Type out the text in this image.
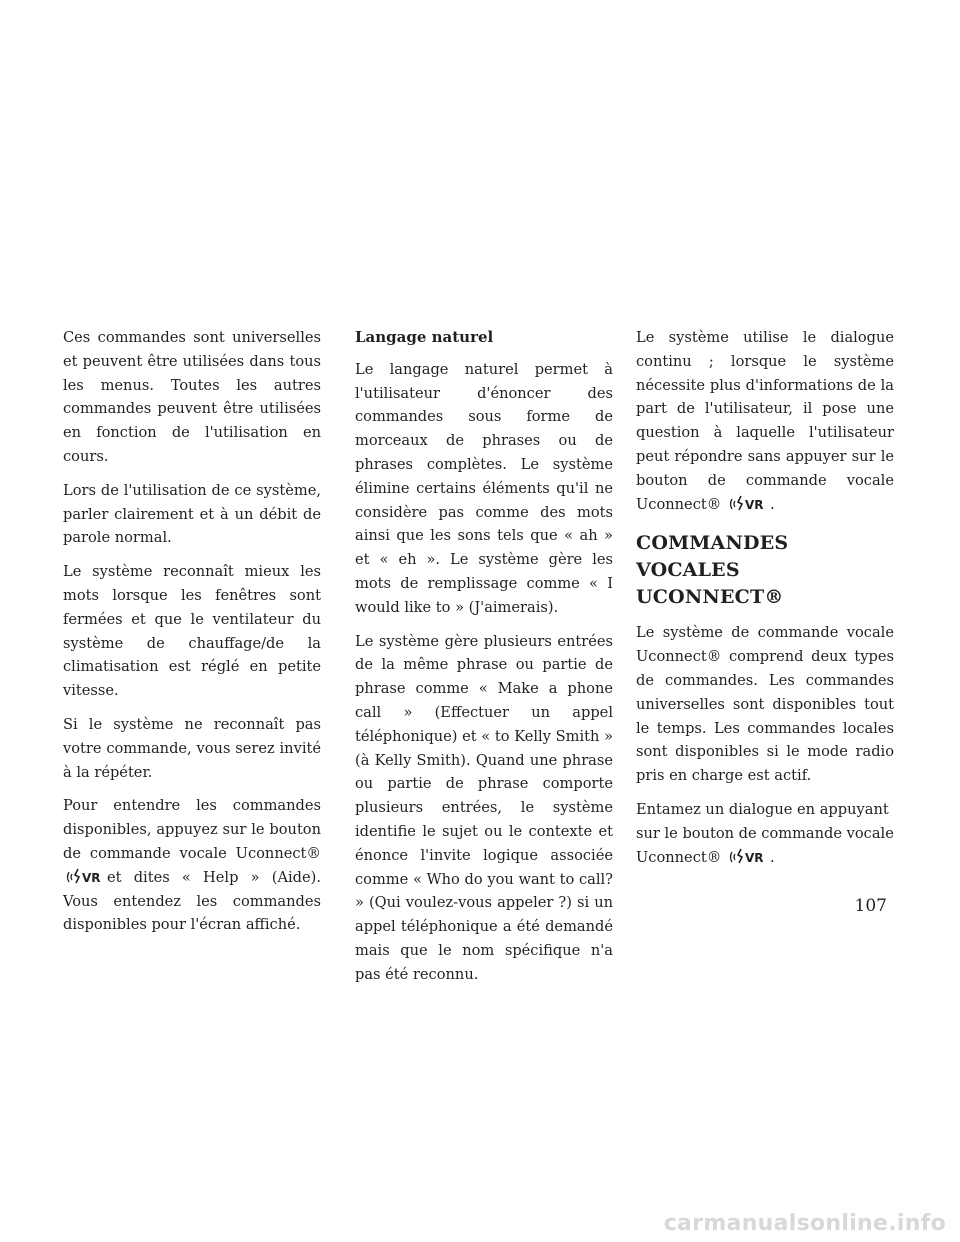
Ces commandes sont universelles et peuvent être utilisées dans tous les menus. Toutes les autres commandes peuvent être utilisées en fonction de l'utilisation en cours.

Lors de l'utilisation de ce système, parler clairement et à un débit de parole normal.

Le système reconnaît mieux les mots lorsque les fenêtres sont fermées et que le ventilateur du système de chauffage/de la climatisation est réglé en petite vitesse.

Si le système ne reconnaît pas votre commande, vous serez invité à la répéter.

Pour entendre les commandes disponibles, appuyez sur le bouton de commande vocale Uconnect®
VR et dites « Help » (Aide). Vous entendez les commandes disponibles pour l'écran affiché.

Langage naturel

Le langage naturel permet à l'utilisateur d'énoncer des commandes sous forme de morceaux de phrases ou de phrases complètes. Le système élimine certains éléments qu'il ne considère pas comme des mots ainsi que les sons tels que « ah » et « eh ». Le système gère les mots de remplissage comme « I would like to » (J'aimerais).

Le système gère plusieurs entrées de la même phrase ou partie de phrase comme « Make a phone call » (Effectuer un appel téléphonique) et « to Kelly Smith » (à Kelly Smith). Quand une phrase ou partie de phrase comporte plusieurs entrées, le système identifie le sujet ou le contexte et énonce l'invite logique associée comme « Who do you want to call? » (Qui voulez-vous appeler ?) si un appel téléphonique a été demandé mais que le nom spécifique n'a pas été reconnu.

Le système utilise le dialogue continu ; lorsque le système nécessite plus d'informations de la part de l'utilisateur, il pose une question à laquelle l'utilisateur peut répondre sans appuyer sur le bouton de commande vocale Uconnect® VR .

COMMANDES VOCALES UCONNECT®

Le système de commande vocale Uconnect® comprend deux types de commandes. Les commandes universelles sont disponibles tout le temps. Les commandes locales sont disponibles si le mode radio pris en charge est actif.

Entamez un dialogue en appuyant sur le bouton de commande vocale Uconnect® VR .

107
carmanualsonline.info
